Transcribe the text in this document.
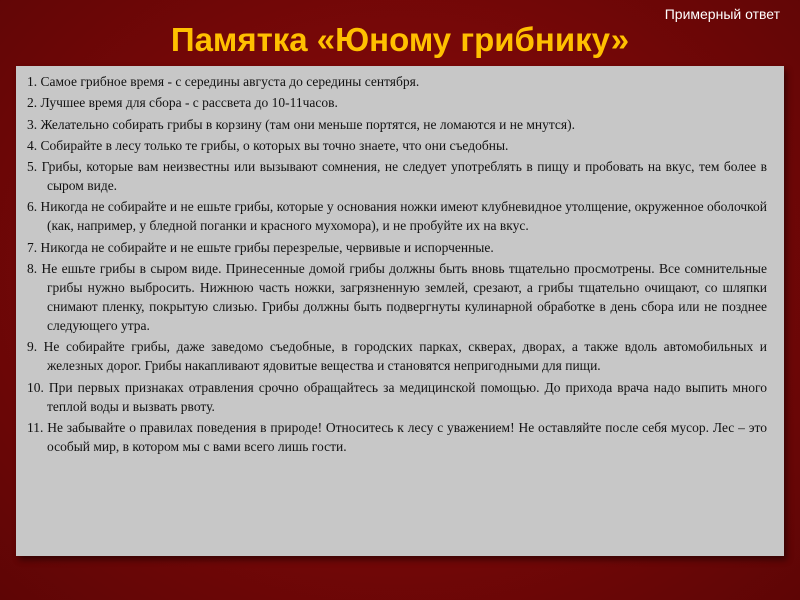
Примерный ответ
Памятка «Юному грибнику»
1. Самое грибное время - с середины августа до середины сентября.
2. Лучшее время для сбора - с рассвета до 10-11часов.
3. Желательно собирать грибы в корзину (там они меньше портятся, не ломаются и не мнутся).
4. Собирайте в лесу только те грибы, о которых вы точно знаете, что они съедобны.
5. Грибы, которые вам неизвестны или вызывают сомнения, не следует употреблять в пищу и пробовать на вкус, тем более в сыром виде.
6. Никогда не собирайте и не ешьте грибы, которые у основания ножки имеют клубневидное утолщение, окруженное оболочкой (как, например, у бледной поганки и красного мухомора), и не пробуйте их на вкус.
7. Никогда не собирайте и не ешьте грибы перезрелые, червивые и испорченные.
8. Не ешьте грибы в сыром виде. Принесенные домой грибы должны быть вновь тщательно просмотрены. Все сомнительные грибы нужно выбросить. Нижнюю часть ножки, загрязненную землей, срезают, а грибы тщательно очищают, со шляпки снимают пленку, покрытую слизью. Грибы должны быть подвергнуты кулинарной обработке в день сбора или не позднее следующего утра.
9. Не собирайте грибы, даже заведомо съедобные, в городских парках, скверах, дворах, а также вдоль автомобильных и железных дорог. Грибы накапливают ядовитые вещества и становятся непригодными для пищи.
10. При первых признаках отравления срочно обращайтесь за медицинской помощью. До прихода врача надо выпить много теплой воды и вызвать рвоту.
11. Не забывайте о правилах поведения в природе! Относитесь к лесу с уважением! Не оставляйте после себя мусор. Лес – это особый мир, в котором мы с вами всего лишь гости.
